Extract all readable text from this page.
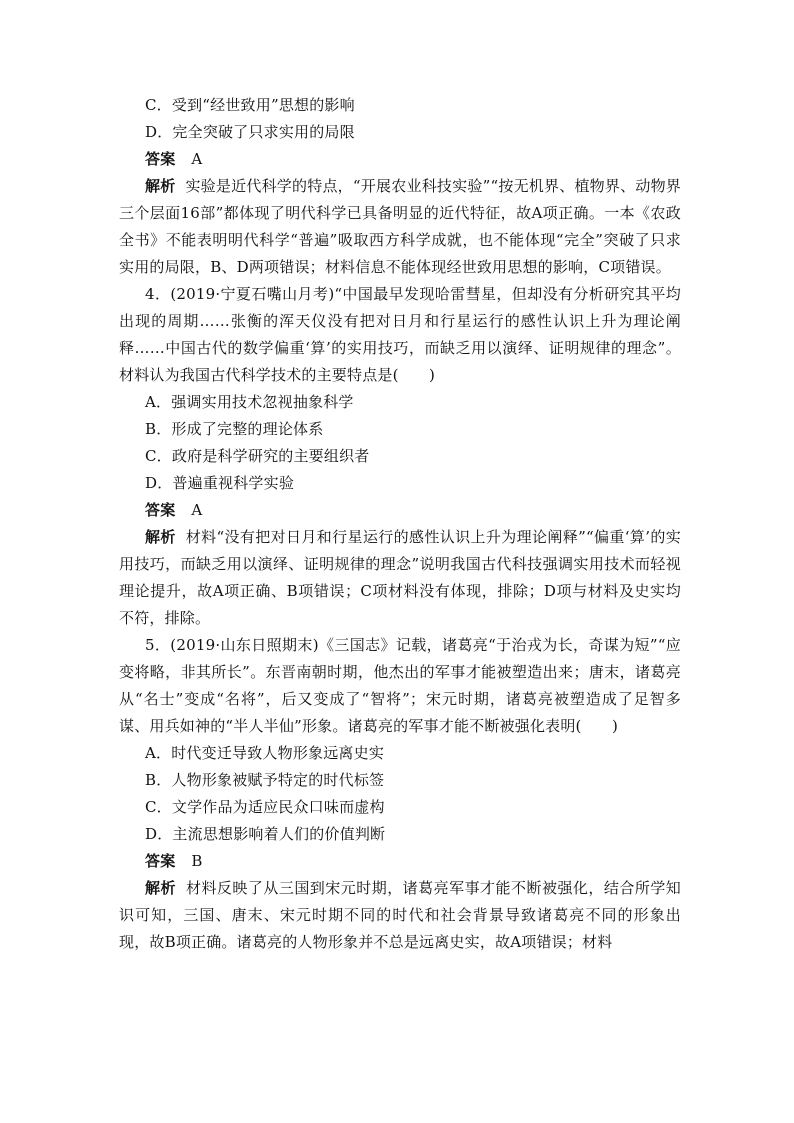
C．受到“经世致用”思想的影响
D．完全突破了只求实用的局限
答案 A
解析 实验是近代科学的特点，“开展农业科技实验”“按无机界、植物界、动物界三个层面16部”都体现了明代科学已具备明显的近代特征，故A项正确。一本《农政全书》不能表明明代科学“普遍”吸取西方科学成就，也不能体现“完全”突破了只求实用的局限，B、D两项错误；材料信息不能体现经世致用思想的影响，C项错误。
4．(2019·宁夏石嘴山月考)“中国最早发现哈雷彗星，但却没有分析研究其平均出现的周期……张衡的浑天仪没有把对日月和行星运行的感性认识上升为理论阐释……中国古代的数学偏重‘算’的实用技巧，而缺乏用以演绎、证明规律的理念”。材料认为我国古代科学技术的主要特点是(　　)
A．强调实用技术忽视抽象科学
B．形成了完整的理论体系
C．政府是科学研究的主要组织者
D．普遍重视科学实验
答案 A
解析 材料“没有把对日月和行星运行的感性认识上升为理论阐释”“偏重‘算’的实用技巧，而缺乏用以演绎、证明规律的理念”说明我国古代科技强调实用技术而轻视理论提升，故A项正确、B项错误；C项材料没有体现，排除；D项与材料及史实均不符，排除。
5．(2019·山东日照期末)《三国志》记载，诸葛亮“于治戎为长，奇谋为短”“应变将略，非其所长”。东晋南朝时期，他杰出的军事才能被塑造出来；唐末，诸葛亮从“名士”变成“名将”，后又变成了“智将”；宋元时期，诸葛亮被塑造成了足智多谋、用兵如神的“半人半仙”形象。诸葛亮的军事才能不断被强化表明(　　)
A．时代变迁导致人物形象远离史实
B．人物形象被赋予特定的时代标签
C．文学作品为适应民众口味而虚构
D．主流思想影响着人们的价值判断
答案 B
解析 材料反映了从三国到宋元时期，诸葛亮军事才能不断被强化，结合所学知识可知，三国、唐末、宋元时期不同的时代和社会背景导致诸葛亮不同的形象出现，故B项正确。诸葛亮的人物形象并不总是远离史实，故A项错误；材料
